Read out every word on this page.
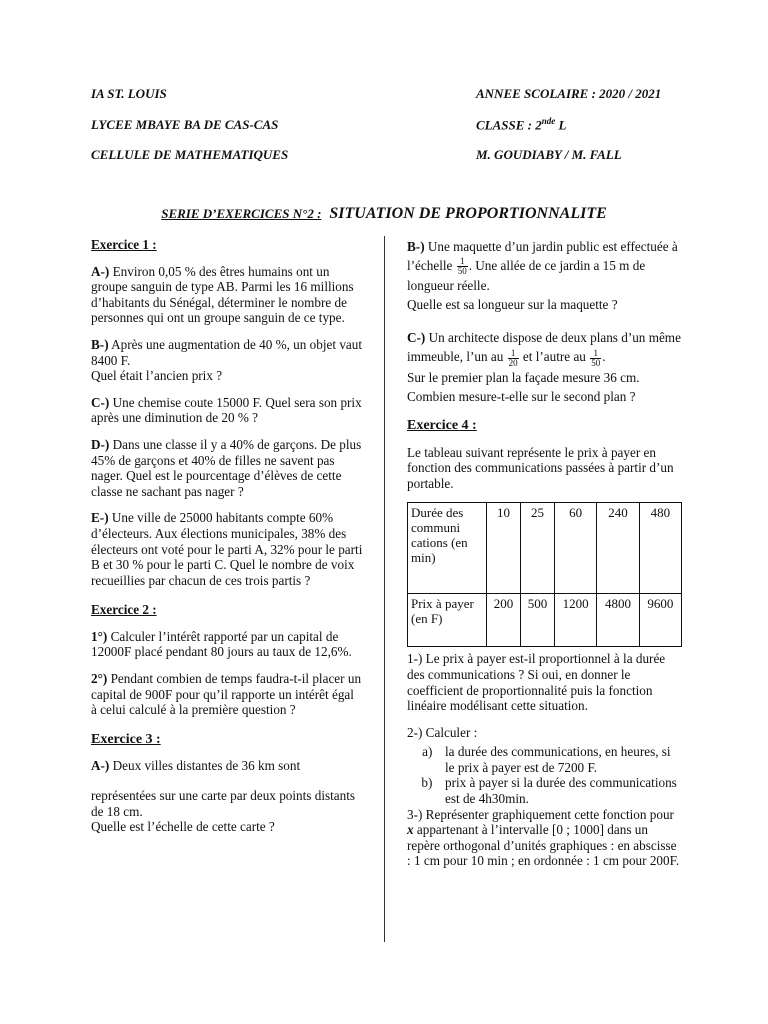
IA ST. LOUIS
LYCEE MBAYE BA DE CAS-CAS
CELLULE DE MATHEMATIQUES
ANNEE SCOLAIRE : 2020 / 2021
CLASSE : 2nde L
M. GOUDIABY / M. FALL
SERIE D’EXERCICES N°2 : SITUATION DE PROPORTIONNALITE

Exercice 1 :

A-) Environ 0,05 % des êtres humains ont un groupe sanguin de type AB. Parmi les 16 millions d’habitants du Sénégal, déterminer le nombre de personnes qui ont un groupe sanguin de ce type.

B-) Après une augmentation de 40 %, un objet vaut 8400 F.
Quel était l’ancien prix ?

C-) Une chemise coute 15000 F. Quel sera son prix après une diminution de 20 % ?

D-) Dans une classe il y a 40% de garçons. De plus 45% de garçons et 40% de filles ne savent pas nager. Quel est le pourcentage d’élèves de cette classe ne sachant pas nager ?

E-) Une ville de 25000 habitants compte 60% d’électeurs. Aux élections municipales, 38% des électeurs ont voté pour le parti A, 32% pour le parti B et 30 % pour le parti C. Quel le nombre de voix recueillies par chacun de ces trois partis ?

Exercice 2 :

1°) Calculer l’intérêt rapporté par un capital de 12000F placé pendant 80 jours au taux de 12,6%.

2°) Pendant combien de temps faudra-t-il placer un capital de 900F pour qu’il rapporte un intérêt égal à celui calculé à la première question ?

Exercice 3 :

A-) Deux villes distantes de 36 km sont

représentées sur une carte par deux points distants de 18 cm.
Quelle est l’échelle de cette carte ?

B-) Une maquette d’un jardin public est effectuée à l’échelle $\frac{1}{50}$ . Une allée de ce jardin a 15 m de longueur réelle.
Quelle est sa longueur sur la maquette ?

C-) Un architecte dispose de deux plans d’un même immeuble, l’un au $\frac{1}{20}$ et l’autre au $\frac{1}{50}$ .
Sur le premier plan la façade mesure 36 cm. Combien mesure-t-elle sur le second plan ?

Exercice 4 :

Le tableau suivant représente le prix à payer en fonction des communications passées à partir d’un portable.

Durée des communi cations (en min)	10	25	60	240	480
Prix à payer (en F)	200	500	1200	4800	9600

1-) Le prix à payer est-il proportionnel à la durée des communications ? Si oui, en donner le coefficient de proportionnalité puis la fonction linéaire modélisant cette situation.

2-) Calculer :

a. la durée des communications, en heures, si le prix à payer est de 7200 F.
b. prix à payer si la durée des communications est de 4h30min.

3-) Représenter graphiquement cette fonction pour x appartenant à l’intervalle [0 ; 1000] dans un repère orthogonal d’unités graphiques : en abscisse : 1 cm pour 10 min ; en ordonnée : 1 cm pour 200F.
